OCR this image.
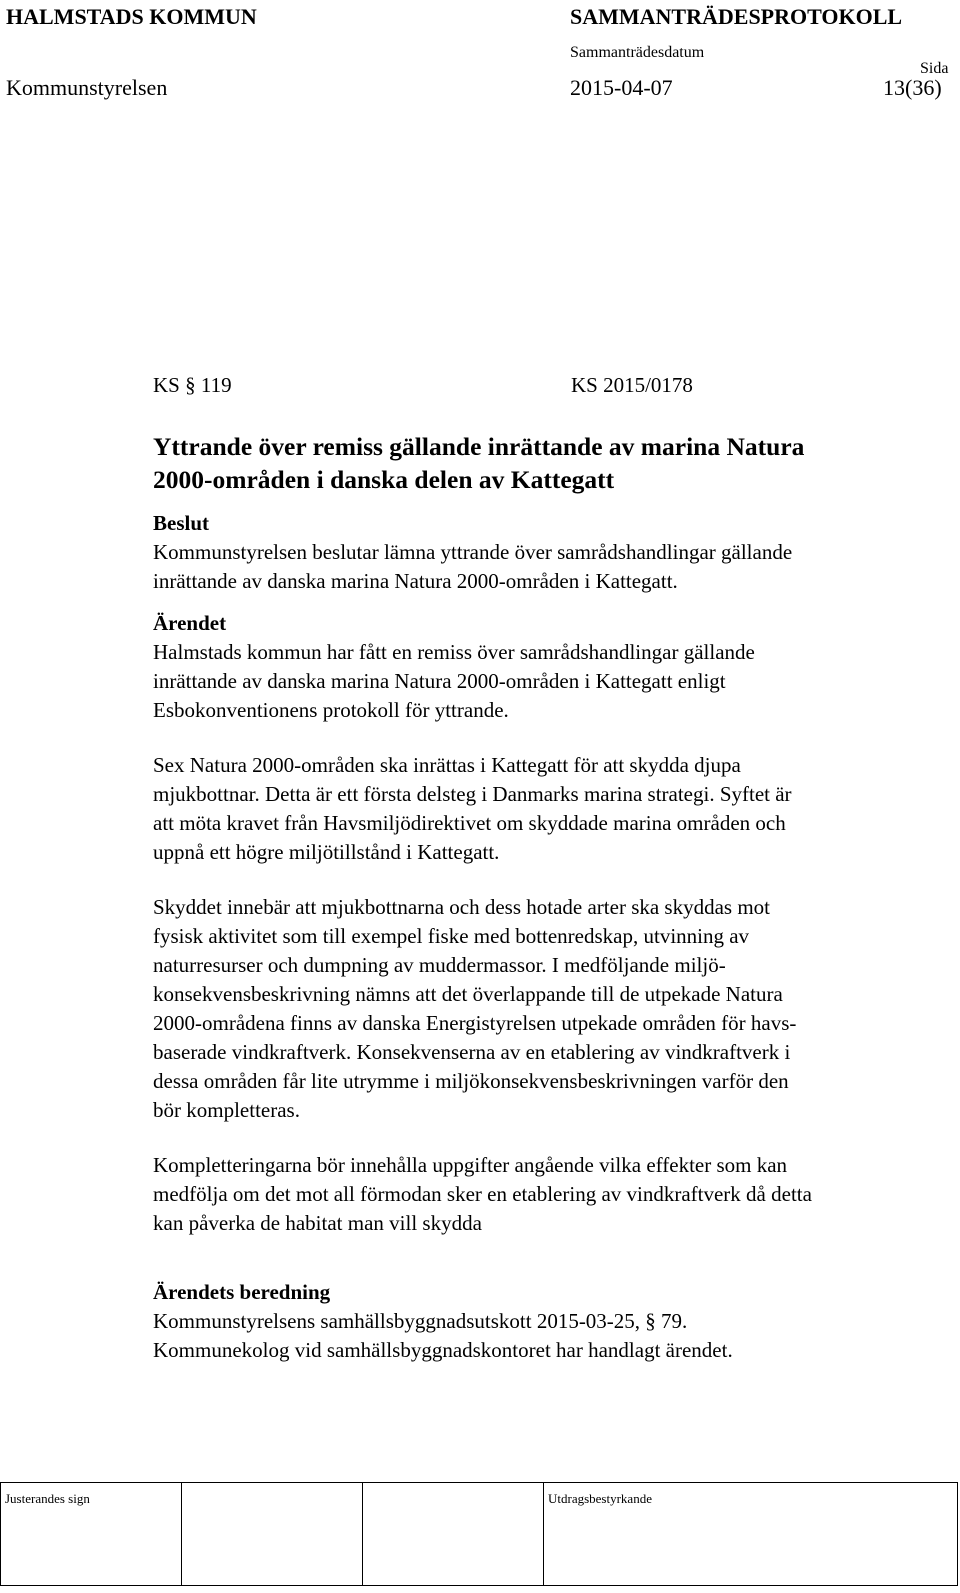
HALMSTADS KOMMUN	SAMMANTRÄDESPROTOKOLL
Sammanträdesdatum
Sida
Kommunstyrelsen	2015-04-07	13(36)
KS § 119	KS 2015/0178
Yttrande över remiss gällande inrättande av marina Natura
2000-områden i danska delen av Kattegatt
Beslut
Kommunstyrelsen beslutar lämna yttrande över samrådshandlingar gällande
inrättande av danska marina Natura 2000-områden i Kattegatt.
Ärendet

Halmstads kommun har fått en remiss över samrådshandlingar gällande
inrättande av danska marina Natura 2000-områden i Kattegatt enligt
Esbokonventionens protokoll för yttrande.

Sex Natura 2000-områden ska inrättas i Kattegatt för att skydda djupa
mjukbottnar. Detta är ett första delsteg i Danmarks marina strategi. Syftet är
att möta kravet från Havsmiljödirektivet om skyddade marina områden och
uppnå ett högre miljötillstånd i Kattegatt.

Skyddet innebär att mjukbottnarna och dess hotade arter ska skyddas mot
fysisk aktivitet som till exempel fiske med bottenredskap, utvinning av
naturresurser och dumpning av muddermassor. I medföljande miljö-
konsekvensbeskrivning nämns att det överlappande till de utpekade Natura
2000-områdena finns av danska Energistyrelsen utpekade områden för havs-
baserade vindkraftverk. Konsekvenserna av en etablering av vindkraftverk i
dessa områden får lite utrymme i miljökonsekvensbeskrivningen varför den
bör kompletteras.

Kompletteringarna bör innehålla uppgifter angående vilka effekter som kan
medfölja om det mot all förmodan sker en etablering av vindkraftverk då detta
kan påverka de habitat man vill skydda

Ärendets beredning
Kommunstyrelsens samhällsbyggnadsutskott 2015-03-25, § 79.
Kommunekolog vid samhällsbyggnadskontoret har handlagt ärendet.
Justerandes sign			Utdragsbestyrkande
